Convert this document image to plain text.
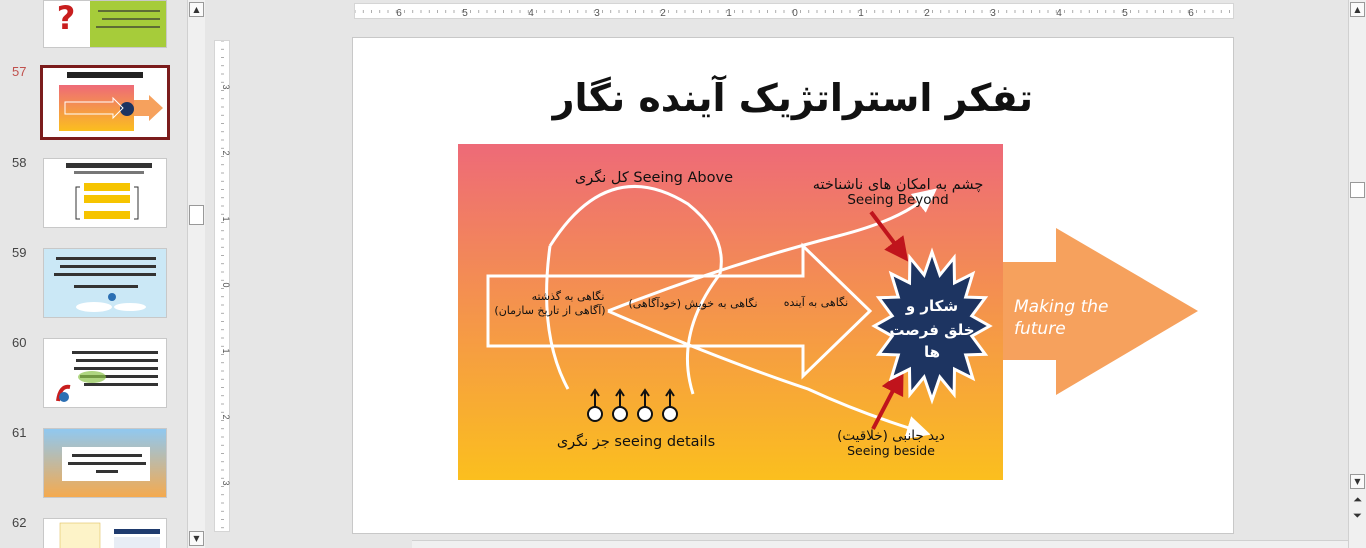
?
57
58
59
60
61
62
▲
▼
6	5	4	3	2	1	0	1	2	3	4	5	6
3
2
1
0
1
2
3
تفکر استراتژیک آینده نگار
کل نگری Seeing Above	چشم به امکان های ناشناخته
Seeing Beyond
نگاهی به گذشته
(آگاهی از تاریخ سازمان)
نگاهی به خویش (خودآگاهی) نگاهی به آینده	شکار و
خلق فرصت
ها
Making the
future
جز نگری seeing details	دید جانبی (خلاقیت)
Seeing beside
▲
▼
⏶
⏷
